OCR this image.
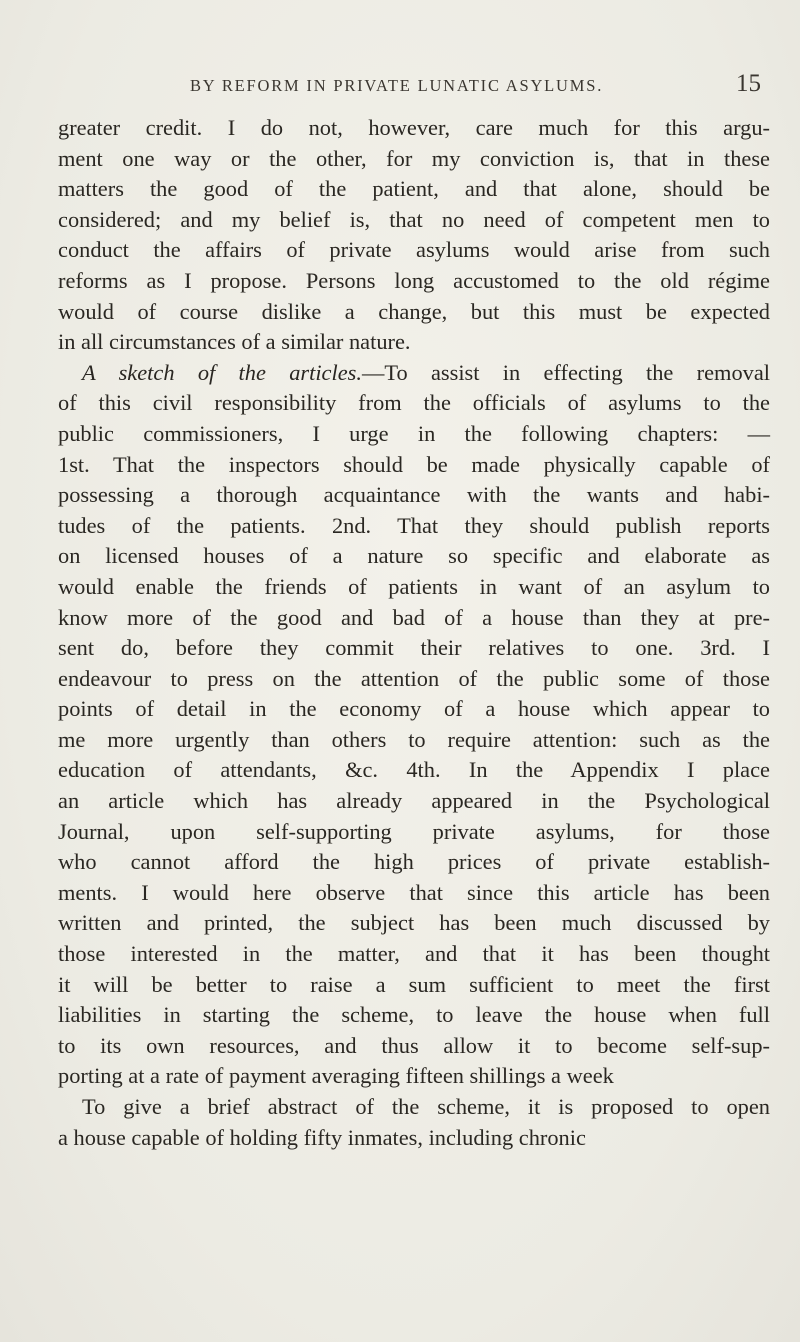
BY REFORM IN PRIVATE LUNATIC ASYLUMS.	15
greater credit. I do not, however, care much for this argu-
ment one way or the other, for my conviction is, that in these
matters the good of the patient, and that alone, should be
considered; and my belief is, that no need of competent men to
conduct the affairs of private asylums would arise from such
reforms as I propose. Persons long accustomed to the old régime
would of course dislike a change, but this must be expected
in all circumstances of a similar nature.
A sketch of the articles.—To assist in effecting the removal
of this civil responsibility from the officials of asylums to the
public commissioners, I urge in the following chapters: —
1st. That the inspectors should be made physically capable of
possessing a thorough acquaintance with the wants and habi-
tudes of the patients. 2nd. That they should publish reports
on licensed houses of a nature so specific and elaborate as
would enable the friends of patients in want of an asylum to
know more of the good and bad of a house than they at pre-
sent do, before they commit their relatives to one. 3rd. I
endeavour to press on the attention of the public some of those
points of detail in the economy of a house which appear to
me more urgently than others to require attention: such as the
education of attendants, &c. 4th. In the Appendix I place
an article which has already appeared in the Psychological
Journal, upon self-supporting private asylums, for those
who cannot afford the high prices of private establish-
ments. I would here observe that since this article has been
written and printed, the subject has been much discussed by
those interested in the matter, and that it has been thought
it will be better to raise a sum sufficient to meet the first
liabilities in starting the scheme, to leave the house when full
to its own resources, and thus allow it to become self-sup-
porting at a rate of payment averaging fifteen shillings a week
To give a brief abstract of the scheme, it is proposed to open
a house capable of holding fifty inmates, including chronic
